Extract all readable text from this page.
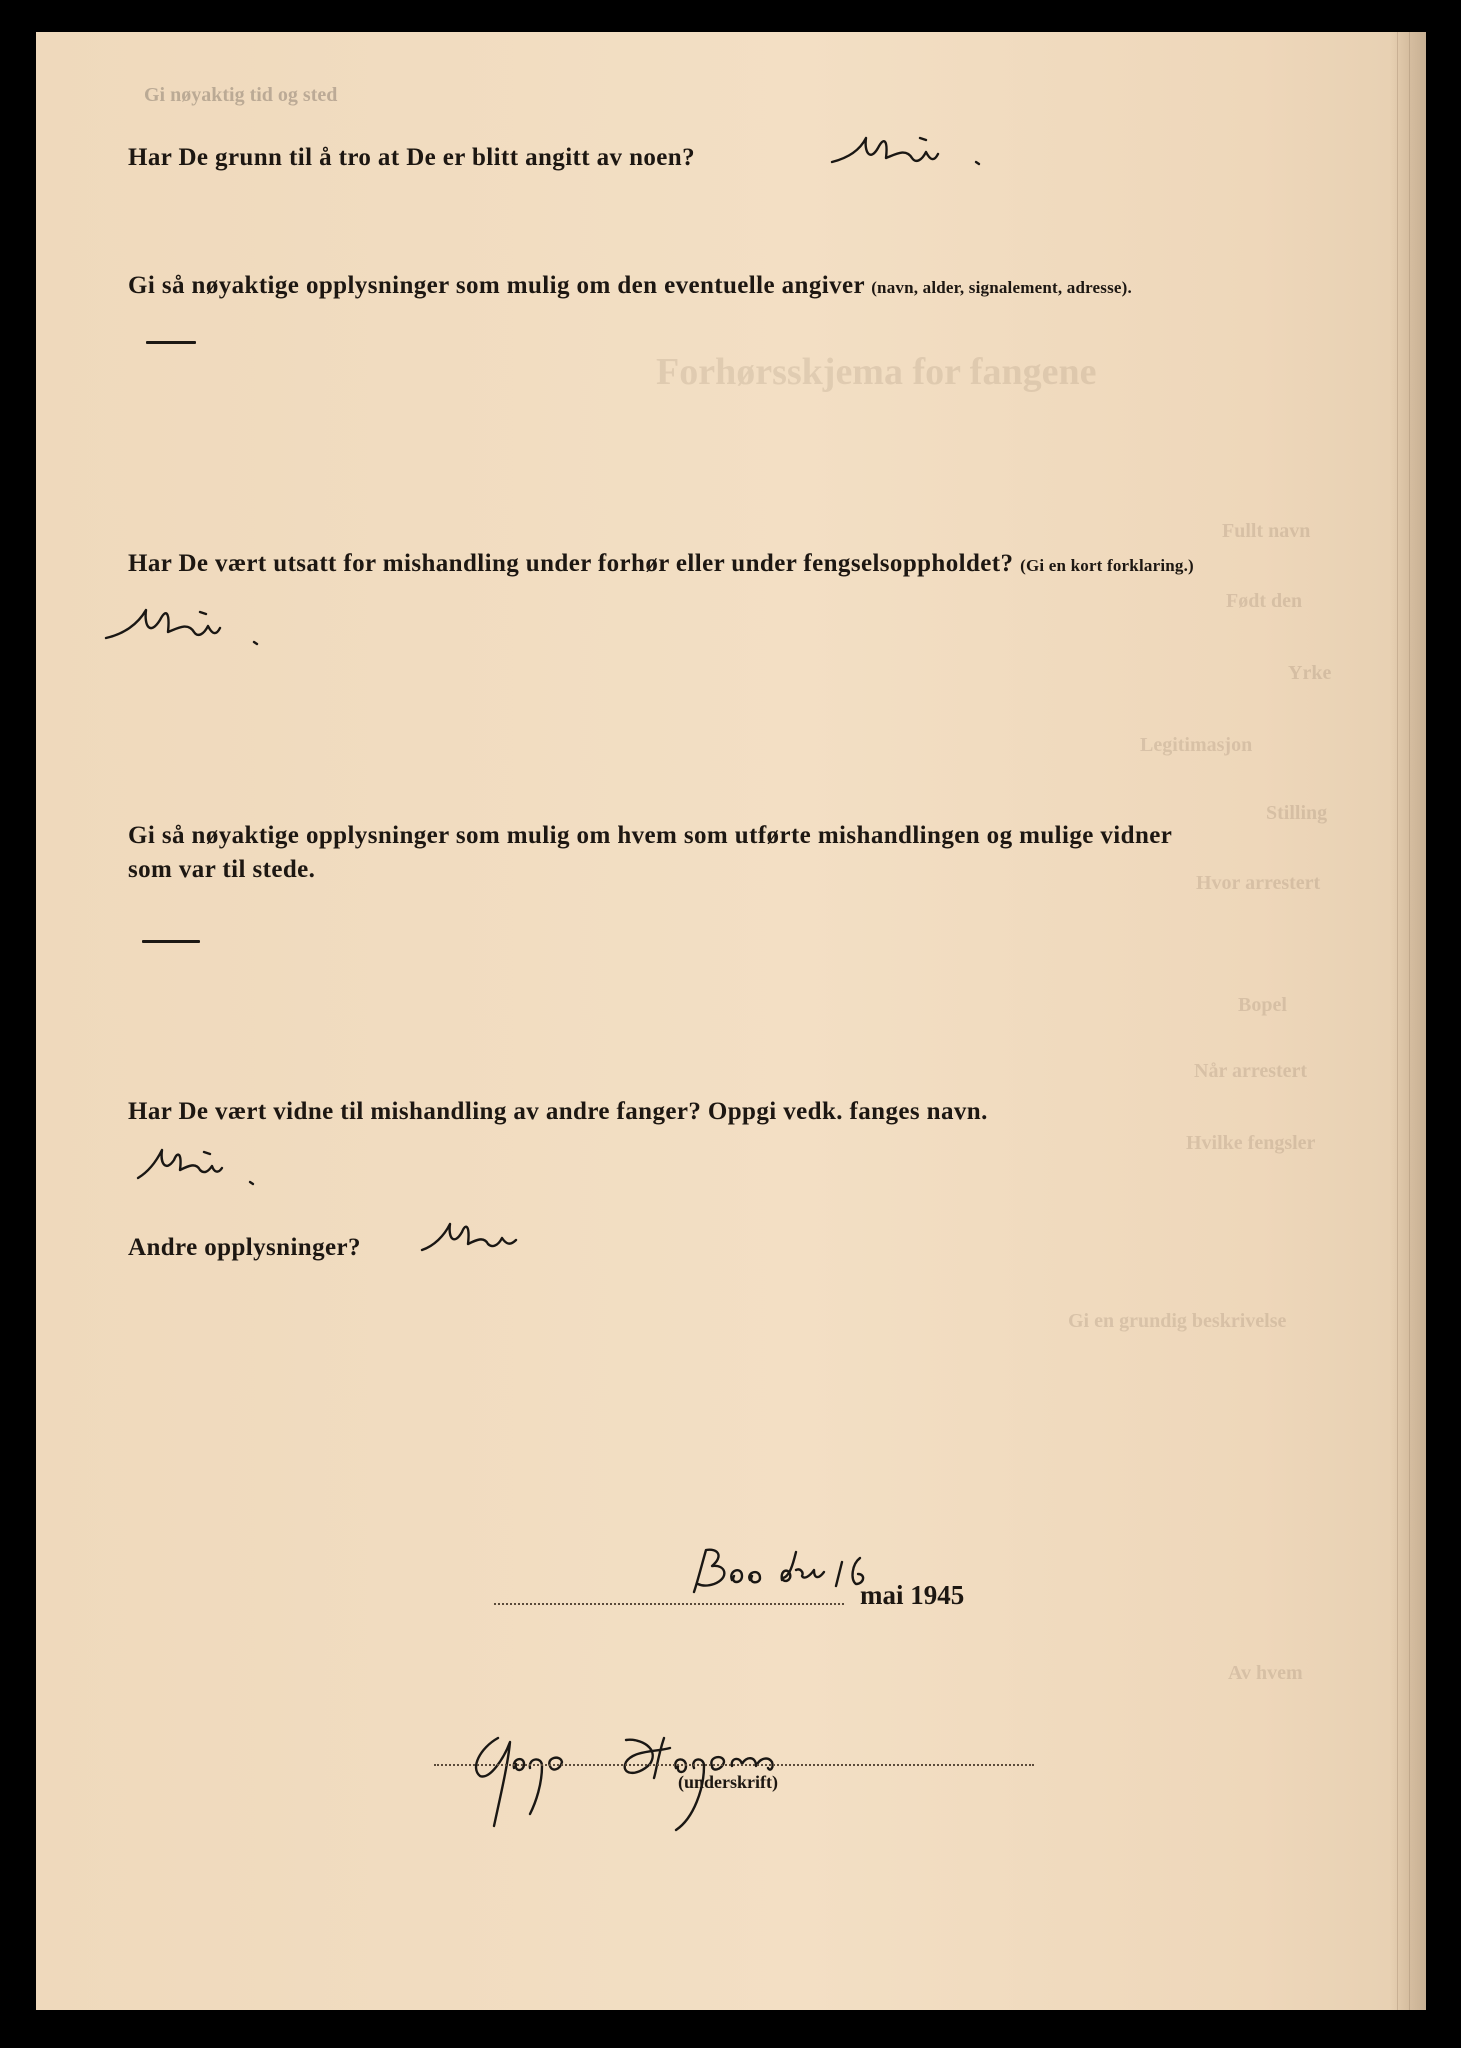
Gi nøyaktig tid og sted

Forhørsskjema for fangene

Fullt navn

Født den

Yrke

Legitimasjon

Stilling

Hvor arrestert

Bopel

Når arrestert

Hvilke fengsler

Gi en grundig beskrivelse

Av hvem

Har De grunn til å tro at De er blitt angitt av noen?

Gi så nøyaktige opplysninger som mulig om den eventuelle angiver (navn, alder, signalement, adresse).

Har De vært utsatt for mishandling under forhør eller under fengselsoppholdet? (Gi en kort forklaring.)

Gi så nøyaktige opplysninger som mulig om hvem som utførte mishandlingen og mulige vidner

som var til stede.

Har De vært vidne til mishandling av andre fanger? Oppgi vedk. fanges navn.

Andre opplysninger?

mai 1945

(underskrift)
